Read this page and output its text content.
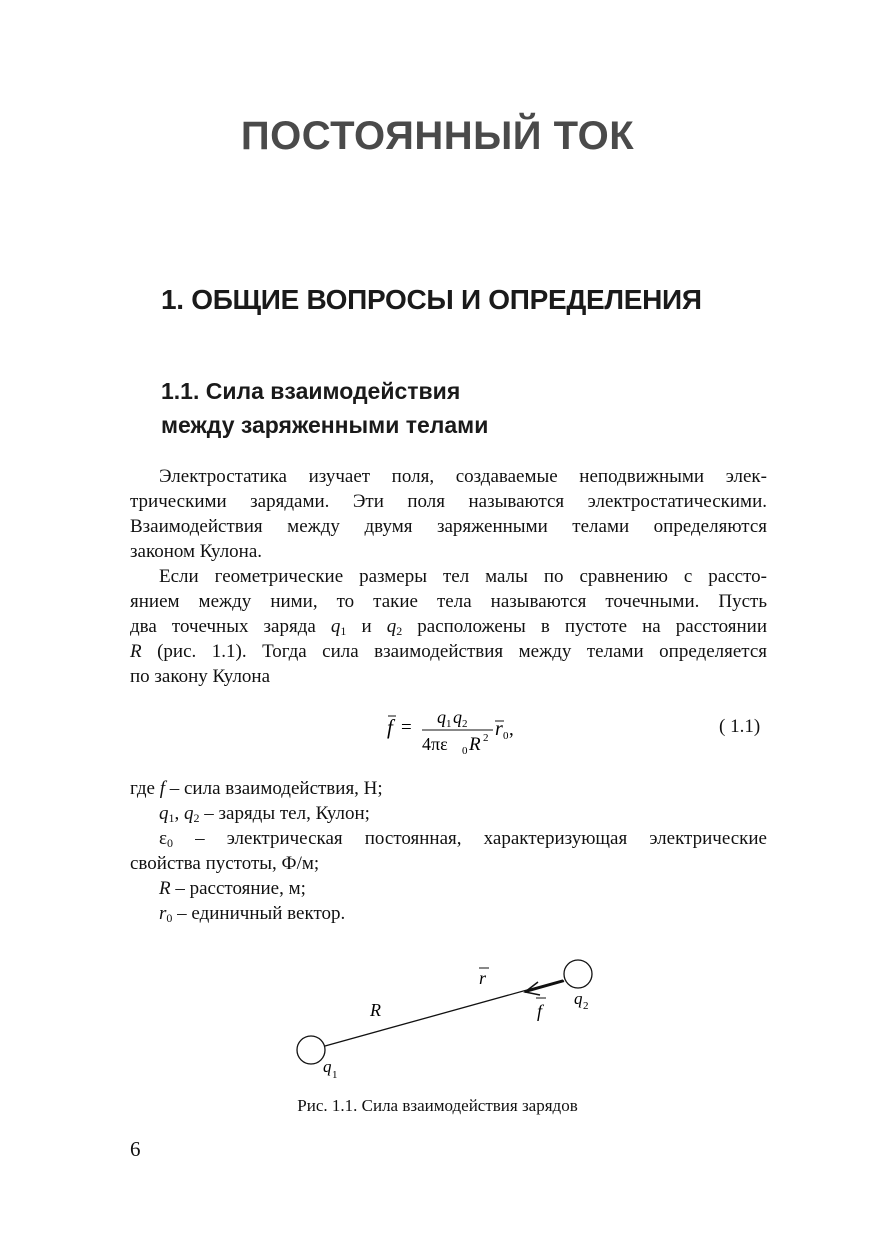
ПОСТОЯННЫЙ ТОК
1. ОБЩИЕ ВОПРОСЫ И ОПРЕДЕЛЕНИЯ
1.1. Сила взаимодействия
между заряженными телами
Электростатика изучает поля, создаваемые неподвижными элек-
трическими зарядами. Эти поля называются электростатическими.
Взаимодействия между двумя заряженными телами определяются
законом Кулона.
Если геометрические размеры тел малы по сравнению с рассто-
янием между ними, то такие тела называются точечными. Пусть
два точечных заряда $q_1$ и $q_2$ расположены в пустоте на расстоянии
R (рис. 1.1). Тогда сила взаимодействия между телами определяется
по закону Кулона
f = q 1 q 2
4πε 0 R 2 r 0 ,	( 1.1)
где f – сила взаимодействия, Н;
$q_1$, $q_2$ – заряды тел, Кулон;
$\varepsilon_0$ – электрическая постоянная, характеризующая электрические
свойства пустоты, Ф/м;
R – расстояние, м;
$r_0$ – единичный вектор.
r
R	f
q 2
q 1
Рис. 1.1. Сила взаимодействия зарядов
6
